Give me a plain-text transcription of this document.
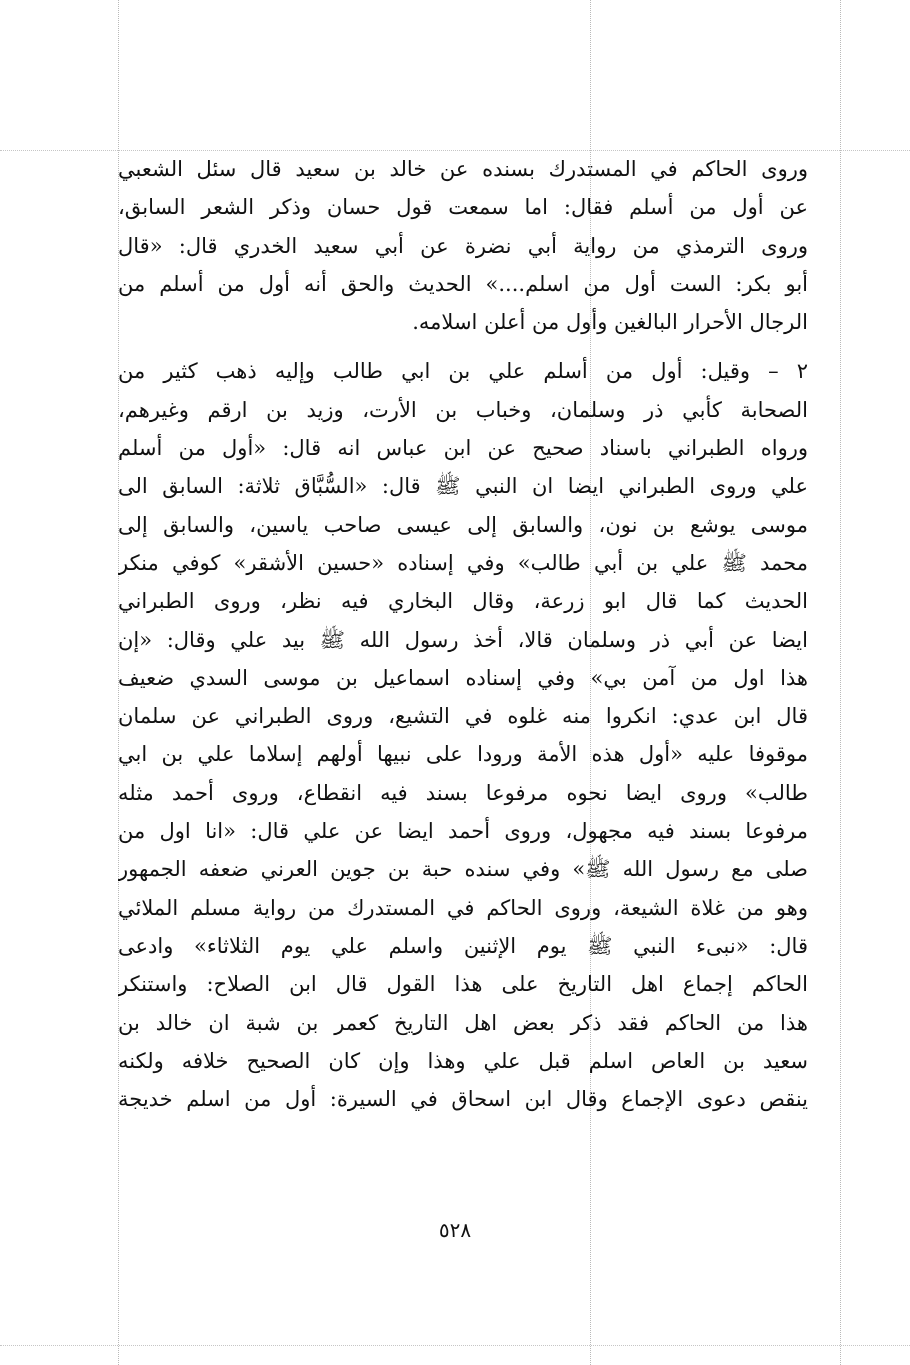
وروى الحاكم في المستدرك بسنده عن خالد بن سعيد قال سئل الشعبي
عن أول من أسلم فقال: اما سمعت قول حسان وذكر الشعر السابق،
وروى الترمذي من رواية أبي نضرة عن أبي سعيد الخدري قال: «قال
أبو بكر: الست أول من اسلم....» الحديث والحق أنه أول من أسلم من
الرجال الأحرار البالغين وأول من أعلن اسلامه.
٢ – وقيل: أول من أسلم علي بن ابي طالب وإليه ذهب كثير من
الصحابة كأبي ذر وسلمان، وخباب بن الأرت، وزيد بن ارقم وغيرهم،
ورواه الطبراني باسناد صحيح عن ابن عباس انه قال: «أول من أسلم
علي وروى الطبراني ايضا ان النبي ﷺ قال: «السُّبَّاق ثلاثة: السابق الى
موسى يوشع بن نون، والسابق إلى عيسى صاحب ياسين، والسابق إلى
محمد ﷺ علي بن أبي طالب» وفي إسناده «حسين الأشقر» كوفي منكر
الحديث كما قال ابو زرعة، وقال البخاري فيه نظر، وروى الطبراني
ايضا عن أبي ذر وسلمان قالا، أخذ رسول الله ﷺ بيد علي وقال: «إن
هذا اول من آمن بي» وفي إسناده اسماعيل بن موسى السدي ضعيف
قال ابن عدي: انكروا منه غلوه في التشيع، وروى الطبراني عن سلمان
موقوفا عليه «أول هذه الأمة ورودا على نبيها أولهم إسلاما علي بن ابي
طالب» وروى ايضا نحوه مرفوعا بسند فيه انقطاع، وروى أحمد مثله
مرفوعا بسند فيه مجهول، وروى أحمد ايضا عن علي قال: «انا اول من
صلى مع رسول الله ﷺ» وفي سنده حبة بن جوين العرني ضعفه الجمهور
وهو من غلاة الشيعة، وروى الحاكم في المستدرك من رواية مسلم الملائي
قال: «نبىء النبي ﷺ يوم الإثنين واسلم علي يوم الثلاثاء» وادعى
الحاكم إجماع اهل التاريخ على هذا القول قال ابن الصلاح: واستنكر
هذا من الحاكم فقد ذكر بعض اهل التاريخ كعمر بن شبة ان خالد بن
سعيد بن العاص اسلم قبل علي وهذا وإن كان الصحيح خلافه ولكنه
ينقص دعوى الإجماع وقال ابن اسحاق في السيرة: أول من اسلم خديجة
٥٢٨
